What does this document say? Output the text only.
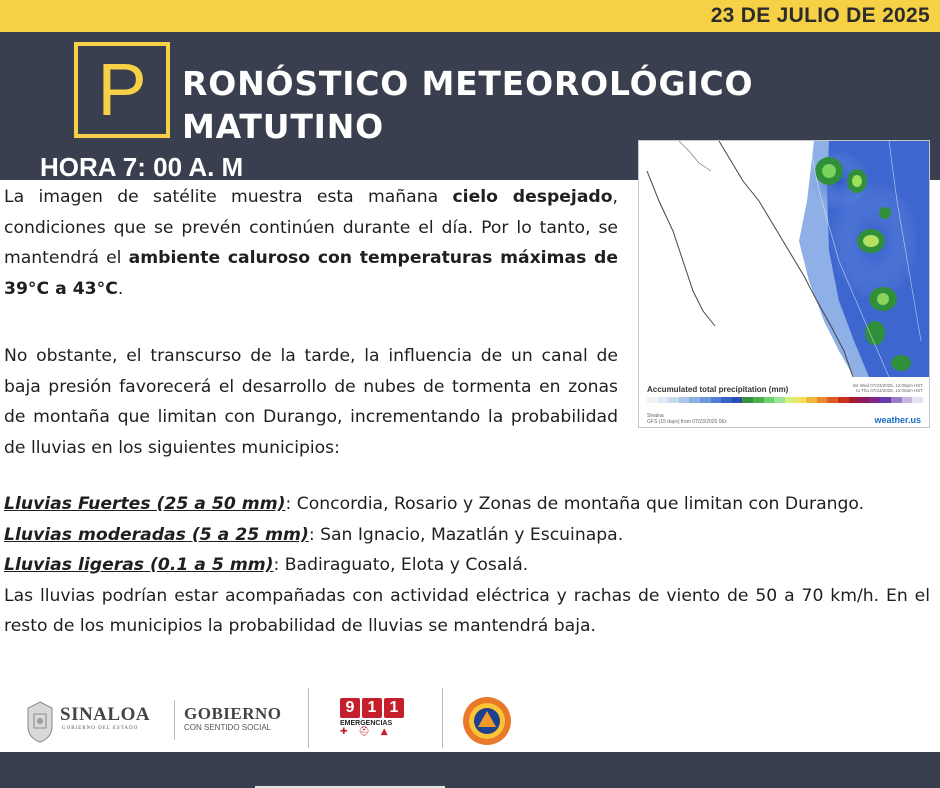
23 DE JULIO DE 2025
P	RONÓSTICO METEOROLÓGICO
MATUTINO
HORA 7: 00 A. M
Accumulated total precipitation (mm)	Init Wed 07/23/2025, 12:00pm HST
to Thu 07/24/2025, 12:00am HST
Sinaloa
GFS (15 days) from 07/23/2025 06z	weather.us

La imagen de satélite muestra esta mañana cielo despejado, condiciones que se prevén continúen durante el día. Por lo tanto, se mantendrá el ambiente caluroso con temperaturas máximas de 39°C a 43°C.

No obstante, el transcurso de la tarde, la influencia de un canal de baja presión favorecerá el desarrollo de nubes de tormenta en zonas de montaña que limitan con Durango, incrementando la probabilidad de lluvias en los siguientes municipios:

Lluvias Fuertes (25 a 50 mm): Concordia, Rosario y Zonas de montaña que limitan con Durango.
Lluvias moderadas (5 a 25 mm): San Ignacio, Mazatlán y Escuinapa.
Lluvias ligeras (0.1 a 5 mm): Badiraguato, Elota y Cosalá.
Las lluvias podrían estar acompañadas con actividad eléctrica y rachas de viento de 50 a 70 km/h. En el resto de los municipios la probabilidad de lluvias se mantendrá baja.
SINALOA
GOBIERNO DEL ESTADO
GOBIERNO
CON SENTIDO SOCIAL
9 1 1
EMERGENCIAS
✚ ⛑ ▲
